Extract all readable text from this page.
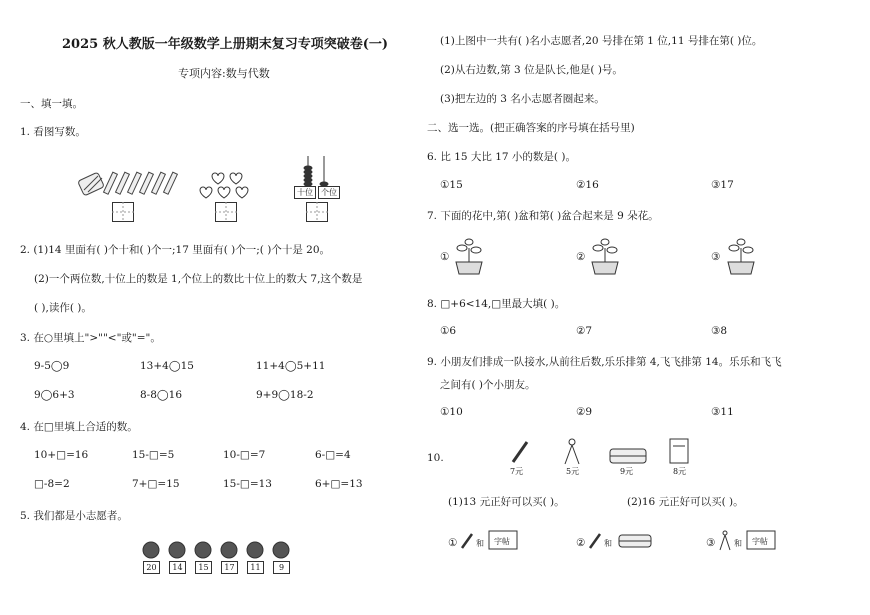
2025 秋人教版一年级数学上册期末复习专项突破卷(一)
专项内容:数与代数
一、填一填。
1. 看图写数。
十位	个位
2. (1)14 里面有( )个十和( )个一;17 里面有( )个一;( )个十是 20。
(2)一个两位数,十位上的数是 1,个位上的数比十位上的数大 7,这个数是
( ),读作( )。
3. 在○里填上">""<"或"="。
9-5◯9	13+4◯15	11+4◯5+11
9◯6+3	8-8◯16	9+9◯18-2
4. 在□里填上合适的数。
10+□=16	15-□=5	10-□=7	6-□=4
□-8=2	7+□=15	15-□=13	6+□=13
5. 我们都是小志愿者。
20	14	15	17	11	9
(1)上图中一共有( )名小志愿者,20 号排在第 1 位,11 号排在第( )位。
(2)从右边数,第 3 位是队长,他是( )号。
(3)把左边的 3 名小志愿者圈起来。
二、选一选。(把正确答案的序号填在括号里)
6. 比 15 大比 17 小的数是( )。
①15	②16	③17
7. 下面的花中,第( )盆和第( )盆合起来是 9 朵花。
①	②	③
8. □+6<14,□里最大填( )。
①6	②7	③8
9. 小朋友们排成一队接水,从前往后数,乐乐排第 4,飞飞排第 14。乐乐和飞飞
之间有( )个小朋友。
①10	②9	③11
10.
7元	5元	9元	8元
(1)13 元正好可以买( )。	(2)16 元正好可以买( )。
① 和 字帖	② 和	③ 和 字帖
